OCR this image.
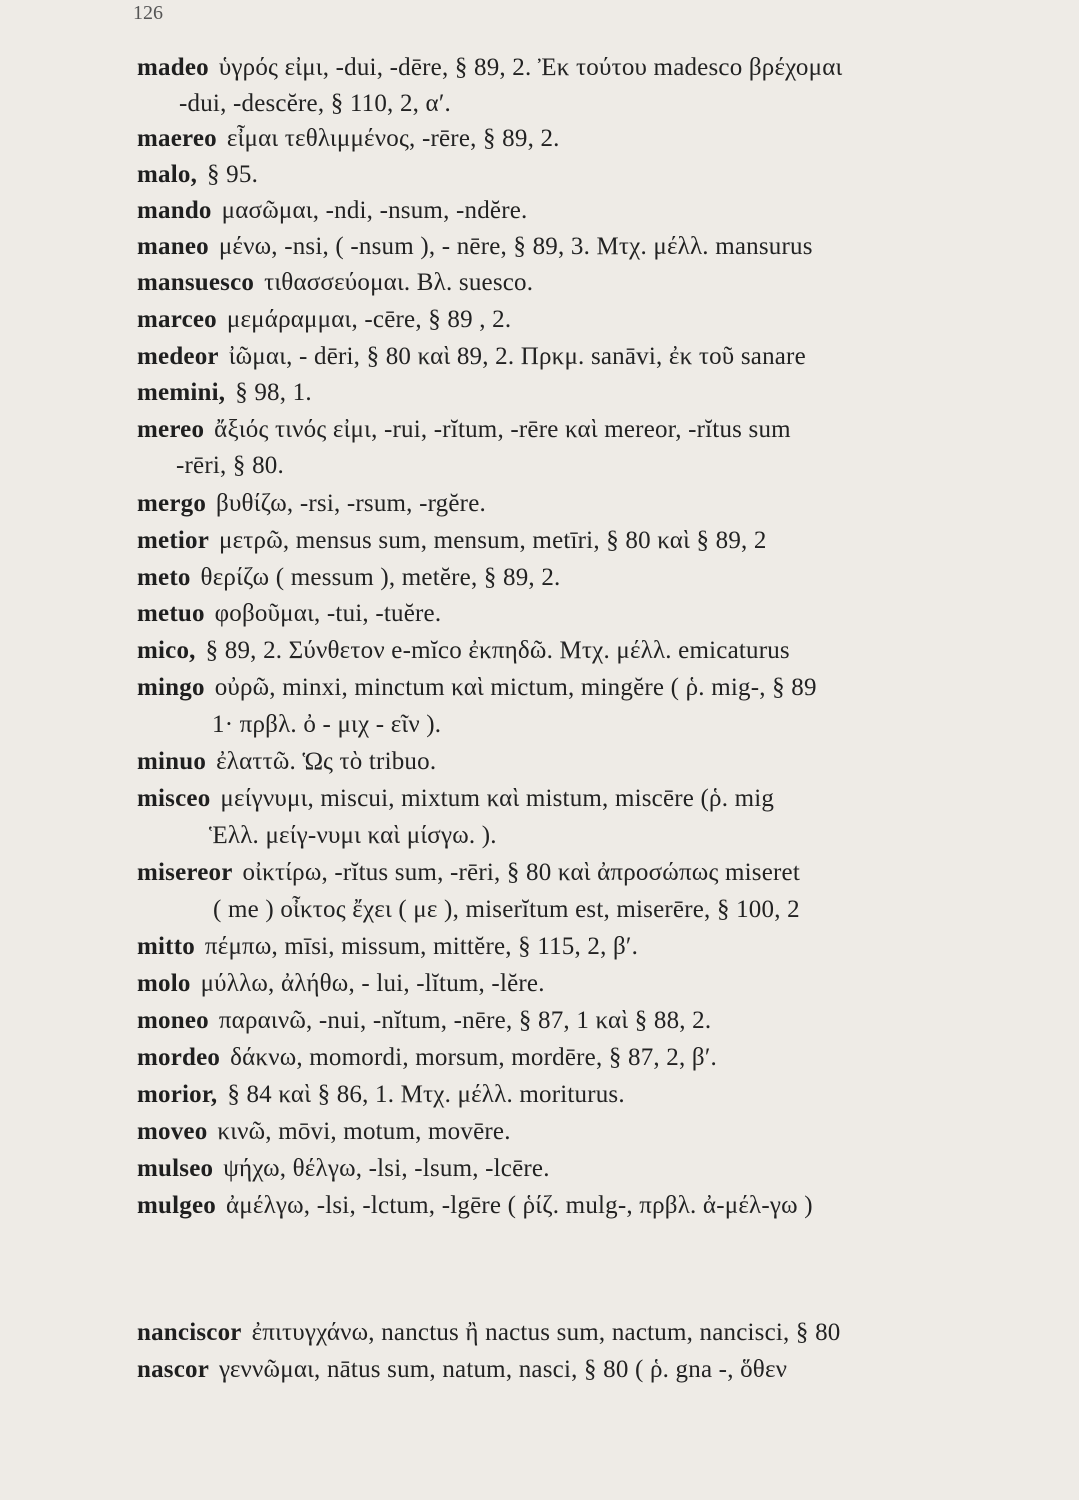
126
madeo ὑγρός εἰμι, -dui, -dēre, § 89, 2. Ἐκ τούτου madesco βρέχομαι
-dui, -descĕre, § 110, 2, α′.
maereo εἶμαι τεθλιμμένος, -rēre, § 89, 2.
malo, § 95.
mando μασῶμαι, -ndi, -nsum, -ndĕre.
maneo μένω, -nsi, ( -nsum ), - nēre, § 89, 3. Μτχ. μέλλ. mansurus
mansuesco τιθασσεύομαι. Βλ. suesco.
marceo μεμάραμμαι, -cēre, § 89 , 2.
medeor ἰῶμαι, - dēri, § 80 καὶ 89, 2. Πρκμ. sanāvi, ἐκ τοῦ sanare
memini, § 98, 1.
mereo ἄξιός τινός εἰμι, -rui, -rĭtum, -rēre καὶ mereor, -rĭtus sum
-rēri, § 80.
mergo βυθίζω, -rsi, -rsum, -rgĕre.
metior μετρῶ, mensus sum, mensum, metīri, § 80 καὶ § 89, 2
meto θερίζω ( messum ), metĕre, § 89, 2.
metuo φοβοῦμαι, -tui, -tuĕre.
mico, § 89, 2. Σύνθετον e-mĭco ἐκπηδῶ. Μτχ. μέλλ. emicaturus
mingo οὐρῶ, minxi, minctum καὶ mictum, mingĕre ( ῥ. mig-, § 89
1· πρβλ. ὀ - μιχ - εῖν ).
minuo ἐλαττῶ. Ὡς τὸ tribuo.
misceo μείγνυμι, miscui, mixtum καὶ mistum, miscēre (ῥ. mig
Ἑλλ. μείγ-νυμι καὶ μίσγω. ).
misereor οἰκτίρω, -rĭtus sum, -rēri, § 80 καὶ ἀπροσώπως miseret
( me ) οἶκτος ἔχει ( με ), miserĭtum est, miserēre, § 100, 2
mitto πέμπω, mīsi, missum, mittĕre, § 115, 2, β′.
molo μύλλω, ἀλήθω, - lui, -lĭtum, -lĕre.
moneo παραινῶ, -nui, -nĭtum, -nēre, § 87, 1 καὶ § 88, 2.
mordeo δάκνω, momordi, morsum, mordēre, § 87, 2, β′.
morior, § 84 καὶ § 86, 1. Μτχ. μέλλ. moriturus.
moveo κινῶ, mōvi, motum, movēre.
mulseo ψήχω, θέλγω, -lsi, -lsum, -lcēre.
mulgeo ἀμέλγω, -lsi, -lctum, -lgēre ( ῥίζ. mulg-, πρβλ. ἀ-μέλ-γω )
nanciscor ἐπιτυγχάνω, nanctus ἢ nactus sum, nactum, nancisci, § 80
nascor γεννῶμαι, nātus sum, natum, nasci, § 80 ( ῥ. gna -, ὅθεν
